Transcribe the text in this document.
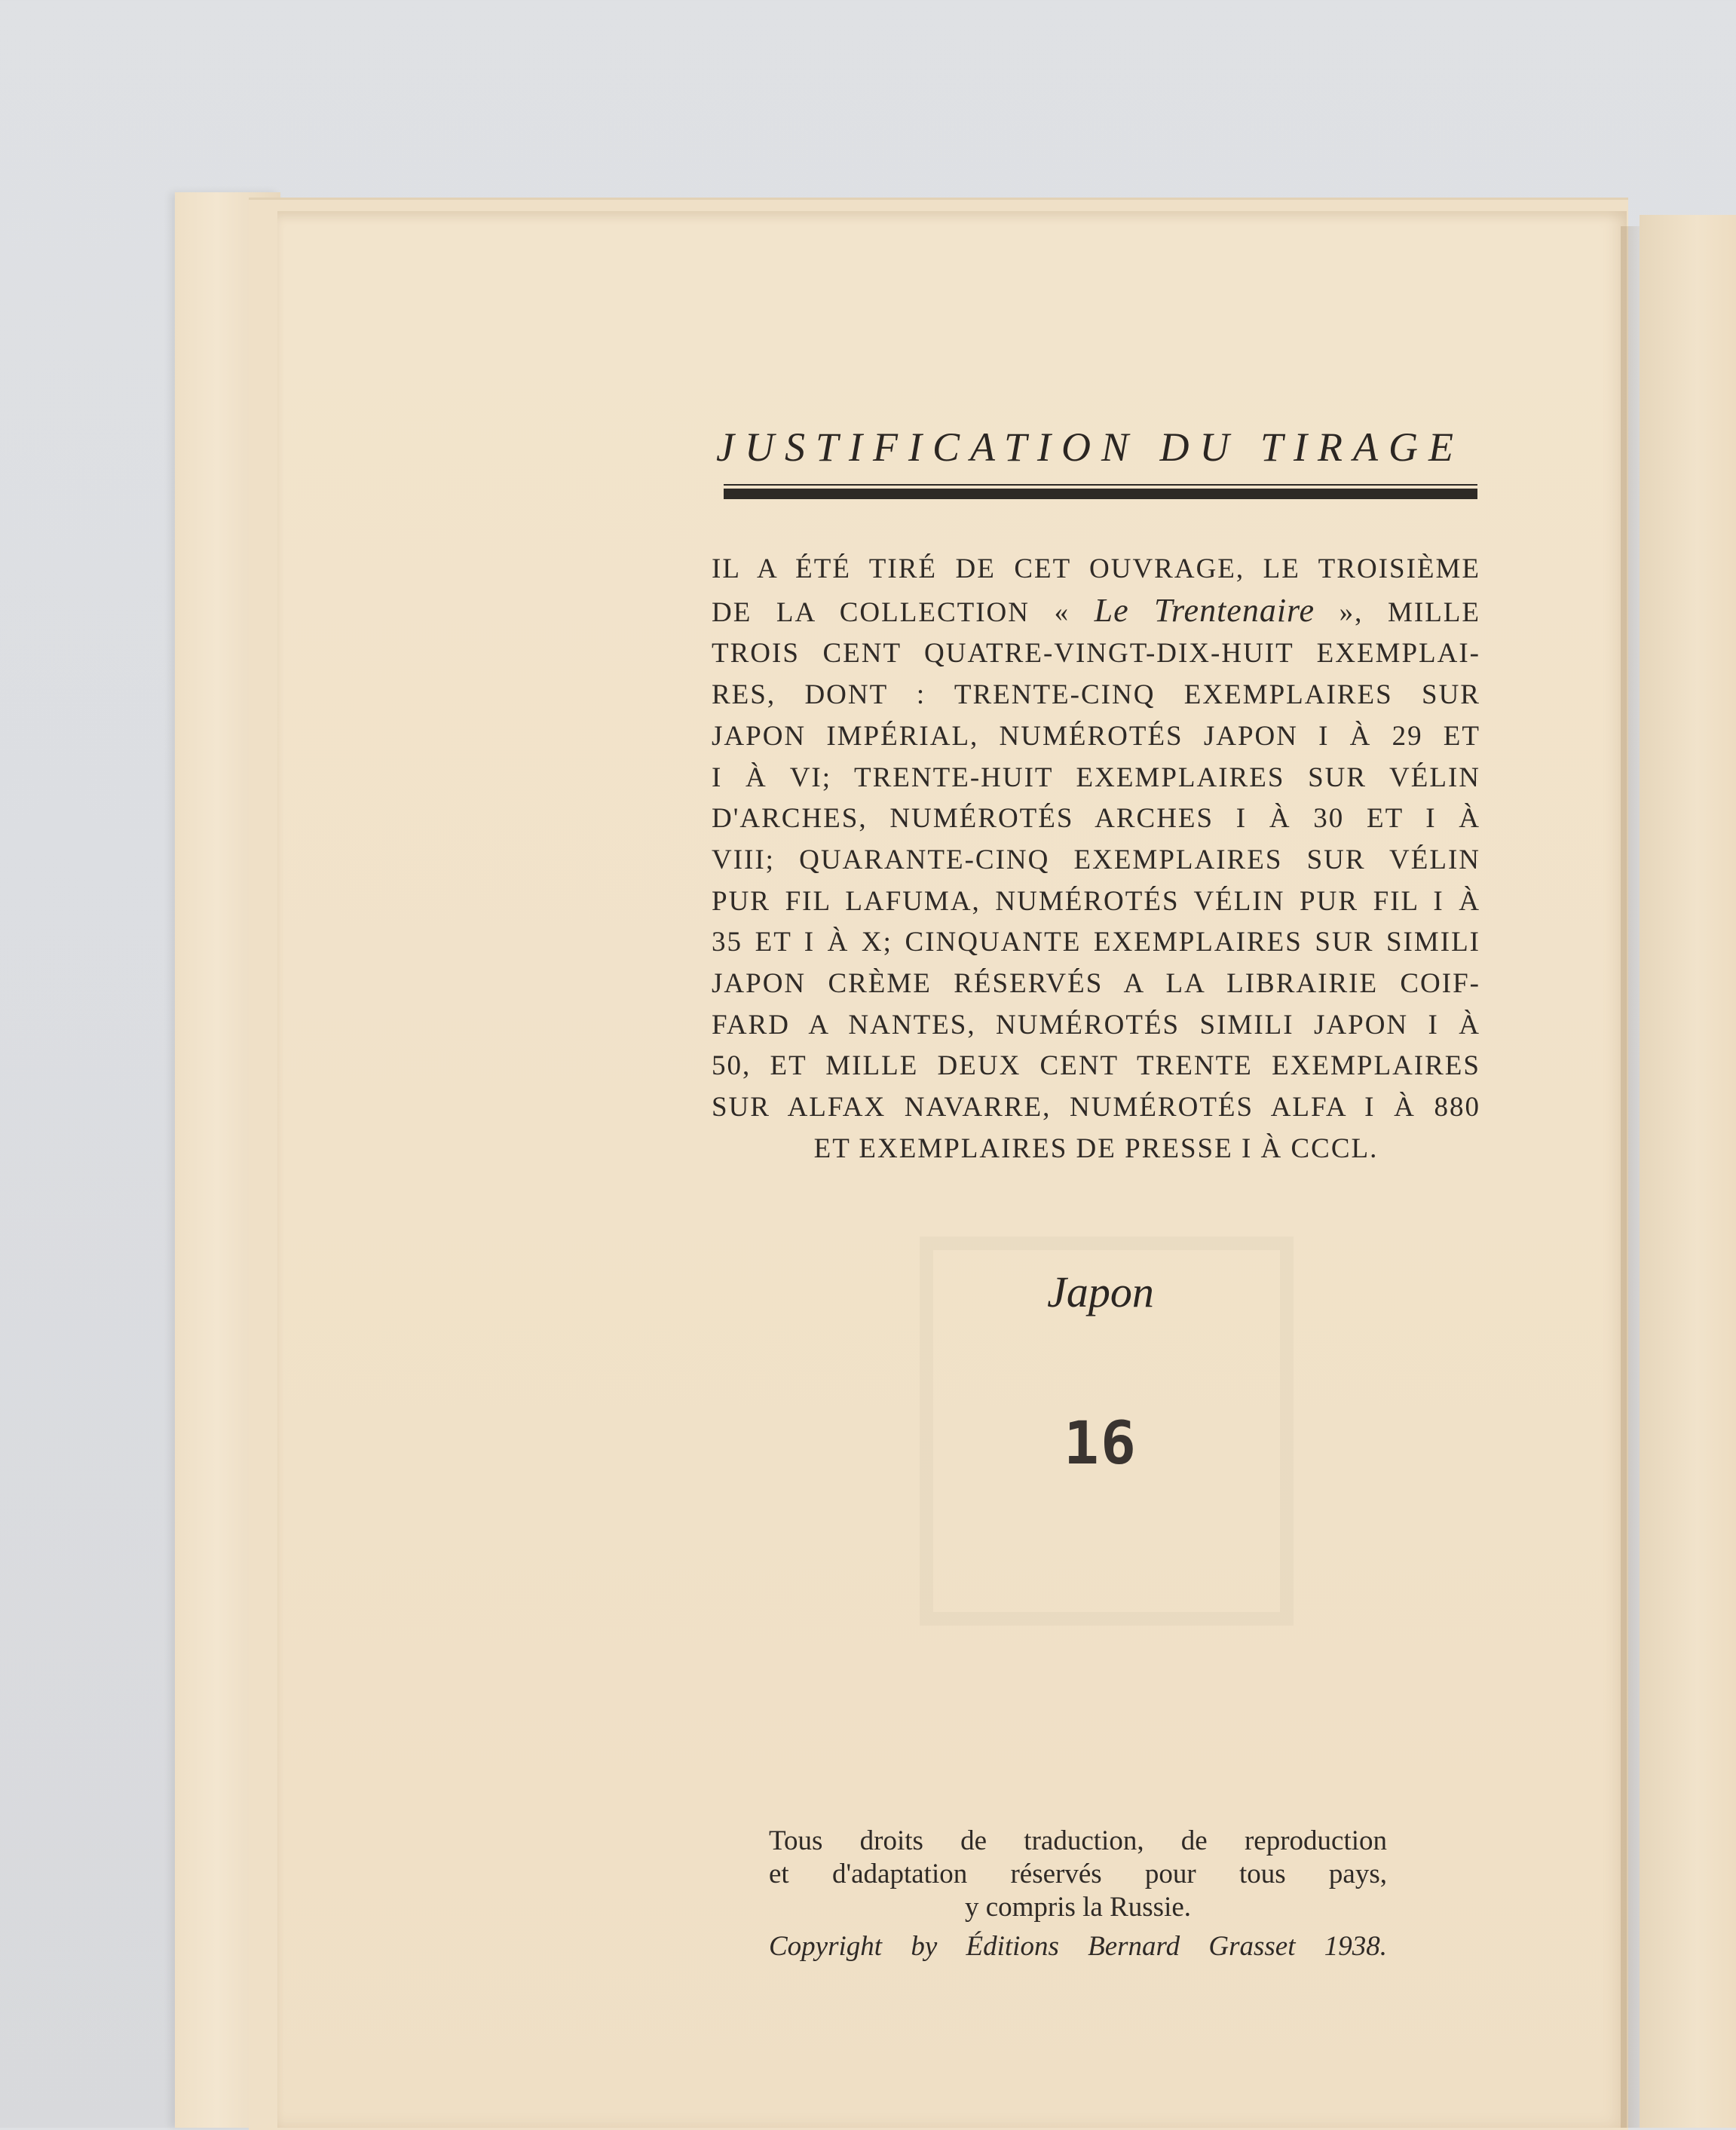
JUSTIFICATION DU TIRAGE
IL A ÉTÉ TIRÉ DE CET OUVRAGE, LE TROISIÈME
DE LA COLLECTION « Le Trentenaire », MILLE
TROIS CENT QUATRE-VINGT-DIX-HUIT EXEMPLAI-
RES, DONT : TRENTE-CINQ EXEMPLAIRES SUR
JAPON IMPÉRIAL, NUMÉROTÉS JAPON I À 29 ET
I À VI; TRENTE-HUIT EXEMPLAIRES SUR VÉLIN
D'ARCHES, NUMÉROTÉS ARCHES I À 30 ET I À
VIII; QUARANTE-CINQ EXEMPLAIRES SUR VÉLIN
PUR FIL LAFUMA, NUMÉROTÉS VÉLIN PUR FIL I À
35 ET I À X; CINQUANTE EXEMPLAIRES SUR SIMILI
JAPON CRÈME RÉSERVÉS A LA LIBRAIRIE COIF-
FARD A NANTES, NUMÉROTÉS SIMILI JAPON I À
50, ET MILLE DEUX CENT TRENTE EXEMPLAIRES
SUR ALFAX NAVARRE, NUMÉROTÉS ALFA I À 880
ET EXEMPLAIRES DE PRESSE I À CCCL.
Japon
16
Tous droits de traduction, de reproduction
et d'adaptation réservés pour tous pays,
y compris la Russie.
Copyright by Éditions Bernard Grasset 1938.
